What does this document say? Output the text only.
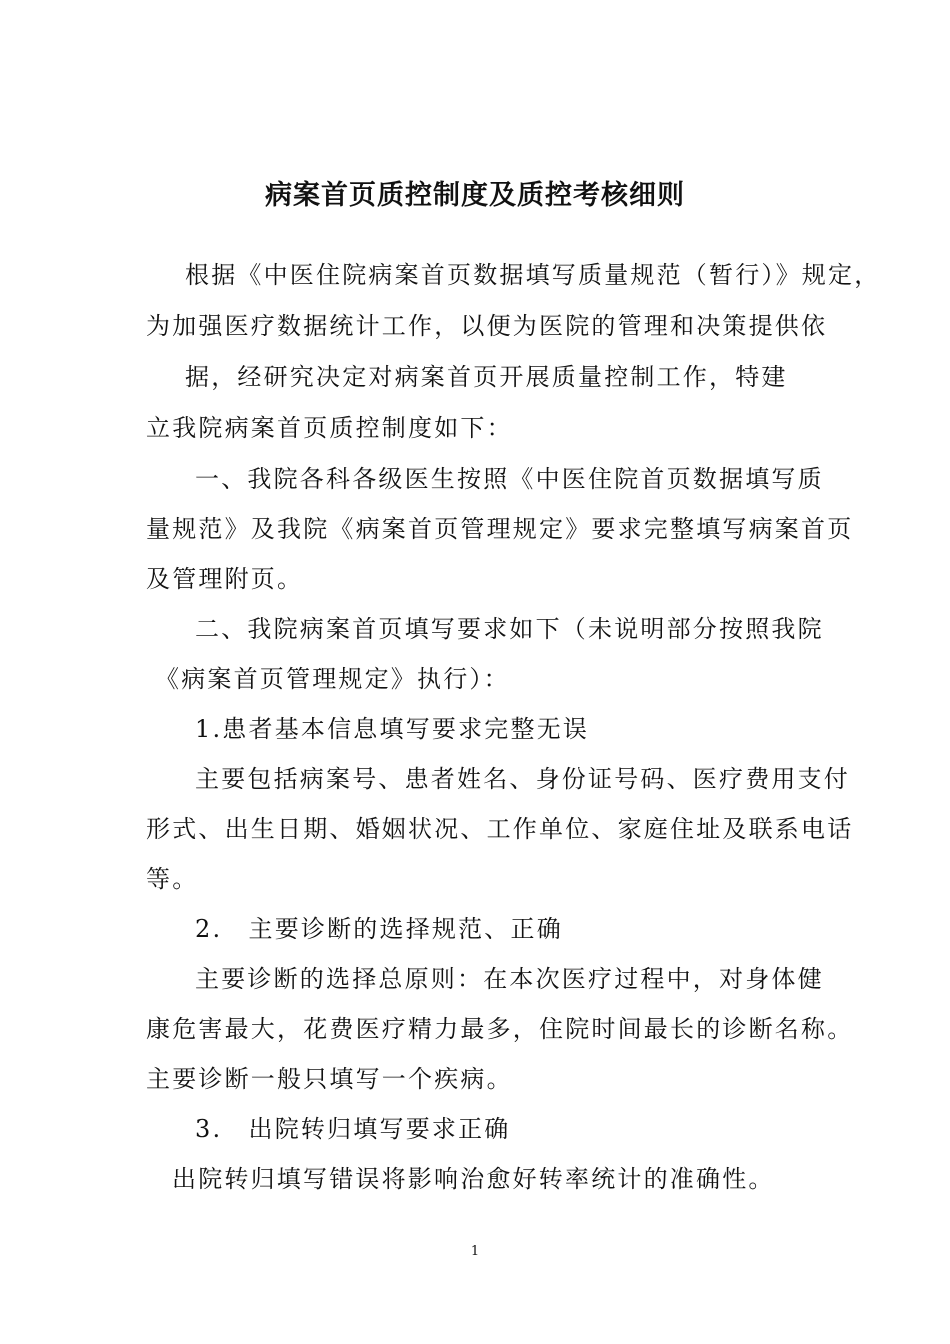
病案首页质控制度及质控考核细则
根据《中医住院病案首页数据填写质量规范（暂行）》规定，
为加强医疗数据统计工作，以便为医院的管理和决策提供依
据，经研究决定对病案首页开展质量控制工作，特建
立我院病案首页质控制度如下：
一、我院各科各级医生按照《中医住院首页数据填写质
量规范》及我院《病案首页管理规定》要求完整填写病案首页
及管理附页。
二、我院病案首页填写要求如下（未说明部分按照我院
《病案首页管理规定》执行）：
1.患者基本信息填写要求完整无误
主要包括病案号、患者姓名、身份证号码、医疗费用支付
形式、出生日期、婚姻状况、工作单位、家庭住址及联系电话
等。
2.　主要诊断的选择规范、正确
主要诊断的选择总原则：在本次医疗过程中，对身体健
康危害最大，花费医疗精力最多，住院时间最长的诊断名称。
主要诊断一般只填写一个疾病。
3.　出院转归填写要求正确
出院转归填写错误将影响治愈好转率统计的准确性。
1
